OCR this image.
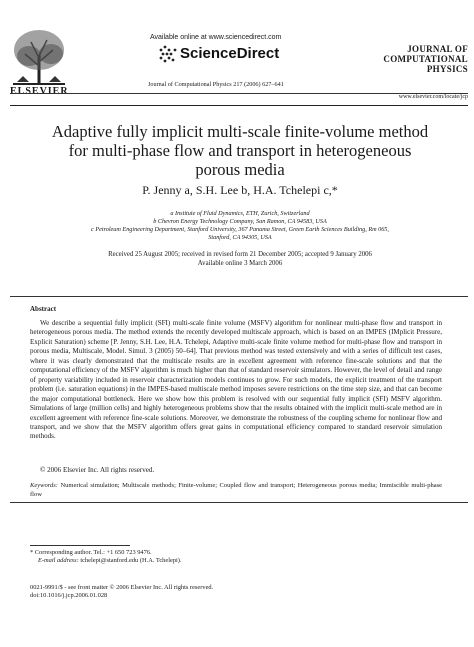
ELSEVIER
Available online at www.sciencedirect.com
ScienceDirect
Journal of Computational Physics 217 (2006) 627–641
JOURNAL OF
COMPUTATIONAL
PHYSICS
www.elsevier.com/locate/jcp
Adaptive fully implicit multi-scale finite-volume method
for multi-phase flow and transport in heterogeneous
porous media
P. Jenny a, S.H. Lee b, H.A. Tchelepi c,*
a Institute of Fluid Dynamics, ETH, Zurich, Switzerland
b Chevron Energy Technology Company, San Ramon, CA 94583, USA
c Petroleum Engineering Department, Stanford University, 367 Panama Street, Green Earth Sciences Building, Rm 065,
Stanford, CA 94305, USA
Received 25 August 2005; received in revised form 21 December 2005; accepted 9 January 2006
Available online 3 March 2006
Abstract
We describe a sequential fully implicit (SFI) multi-scale finite volume (MSFV) algorithm for nonlinear multi-phase flow and transport in heterogeneous porous media. The method extends the recently developed multiscale approach, which is based on an IMPES (IMplicit Pressure, Explicit Saturation) scheme [P. Jenny, S.H. Lee, H.A. Tchelepi, Adaptive multi-scale finite volume method for multi-phase flow and transport in porous media, Multiscale, Model. Simul. 3 (2005) 50–64]. That previous method was tested extensively and with a series of difficult test cases, where it was clearly demonstrated that the multiscale results are in excellent agreement with reference fine-scale solutions and that the computational efficiency of the MSFV algorithm is much higher than that of standard reservoir simulators. However, the level of detail and range of property variability included in reservoir characterization models continues to grow. For such models, the explicit treatment of the transport problem (i.e. saturation equations) in the IMPES-based multiscale method imposes severe restrictions on the time step size, and that can become the major computational bottleneck. Here we show how this problem is resolved with our sequential fully implicit (SFI) MSFV algorithm. Simulations of large (million cells) and highly heterogeneous problems show that the results obtained with the implicit multi-scale method are in excellent agreement with reference fine-scale solutions. Moreover, we demonstrate the robustness of the coupling scheme for nonlinear flow and transport, and we show that the MSFV algorithm offers great gains in computational efficiency compared to standard reservoir simulation methods.
© 2006 Elsevier Inc. All rights reserved.
Keywords: Numerical simulation; Multiscale methods; Finite-volume; Coupled flow and transport; Heterogeneous porous media; Immiscible multi-phase flow
* Corresponding author. Tel.: +1 650 723 9476.
E-mail address: tchelepi@stanford.edu (H.A. Tchelepi).
0021-9991/$ - see front matter © 2006 Elsevier Inc. All rights reserved.
doi:10.1016/j.jcp.2006.01.028
